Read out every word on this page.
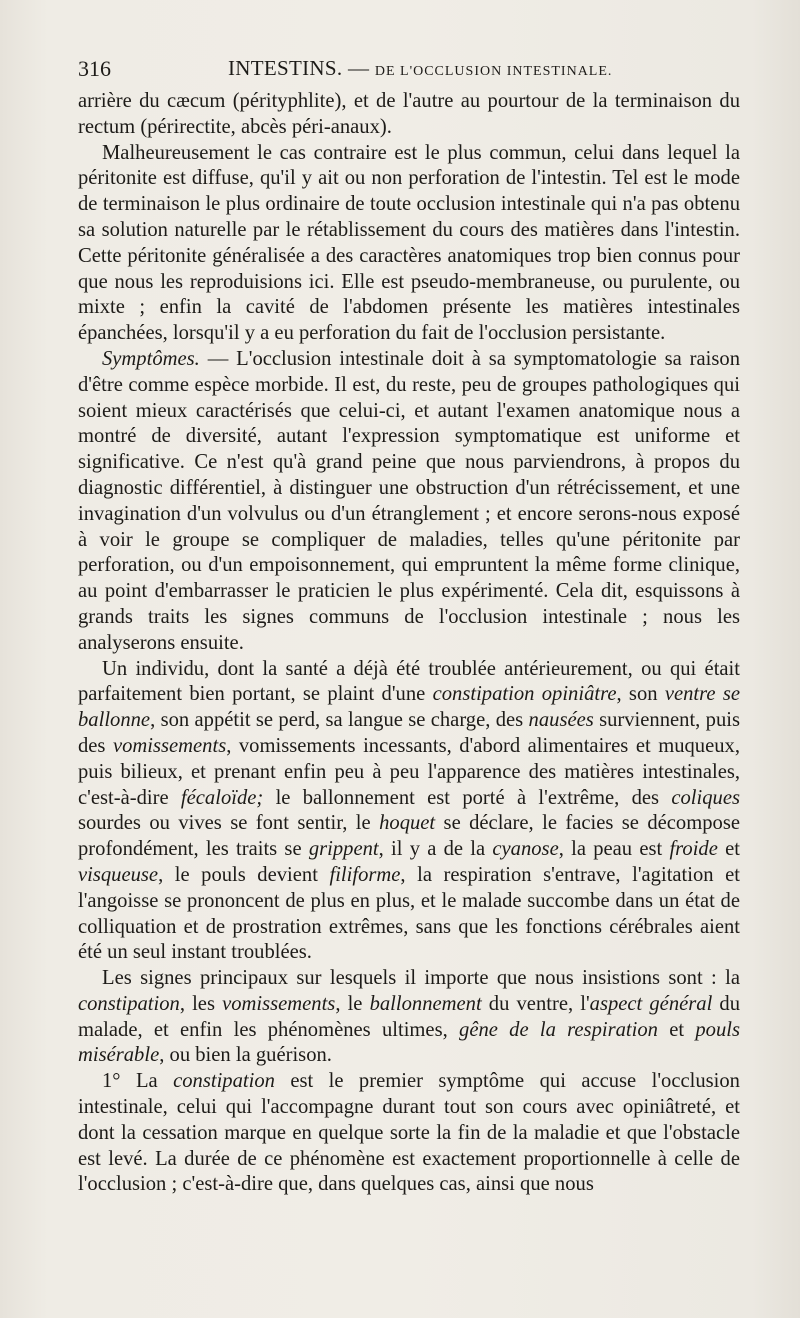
316	INTESTINS. — DE L'OCCLUSION INTESTINALE.

arrière du cæcum (pérityphlite), et de l'autre au pourtour de la terminaison du rectum (périrectite, abcès péri-anaux).

Malheureusement le cas contraire est le plus commun, celui dans lequel la péritonite est diffuse, qu'il y ait ou non perforation de l'intestin. Tel est le mode de terminaison le plus ordinaire de toute occlusion intestinale qui n'a pas obtenu sa solution naturelle par le rétablissement du cours des matières dans l'intestin. Cette péritonite généralisée a des caractères anatomiques trop bien connus pour que nous les reproduisions ici. Elle est pseudo-membraneuse, ou purulente, ou mixte ; enfin la cavité de l'abdomen présente les matières intestinales épanchées, lorsqu'il y a eu perforation du fait de l'occlusion persistante.

Symptômes. — L'occlusion intestinale doit à sa symptomatologie sa raison d'être comme espèce morbide. Il est, du reste, peu de groupes pathologiques qui soient mieux caractérisés que celui-ci, et autant l'examen anatomique nous a montré de diversité, autant l'expression symptomatique est uniforme et significative. Ce n'est qu'à grand peine que nous parviendrons, à propos du diagnostic différentiel, à distinguer une obstruction d'un rétrécissement, et une invagination d'un volvulus ou d'un étranglement ; et encore serons-nous exposé à voir le groupe se compliquer de maladies, telles qu'une péritonite par perforation, ou d'un empoisonnement, qui empruntent la même forme clinique, au point d'embarrasser le praticien le plus expérimenté. Cela dit, esquissons à grands traits les signes communs de l'occlusion intestinale ; nous les analyserons ensuite.

Un individu, dont la santé a déjà été troublée antérieurement, ou qui était parfaitement bien portant, se plaint d'une constipation opiniâtre, son ventre se ballonne, son appétit se perd, sa langue se charge, des nausées surviennent, puis des vomissements, vomissements incessants, d'abord alimentaires et muqueux, puis bilieux, et prenant enfin peu à peu l'apparence des matières intestinales, c'est-à-dire fécaloïde; le ballonnement est porté à l'extrême, des coliques sourdes ou vives se font sentir, le hoquet se déclare, le facies se décompose profondément, les traits se grippent, il y a de la cyanose, la peau est froide et visqueuse, le pouls devient filiforme, la respiration s'entrave, l'agitation et l'angoisse se prononcent de plus en plus, et le malade succombe dans un état de colliquation et de prostration extrêmes, sans que les fonctions cérébrales aient été un seul instant troublées.

Les signes principaux sur lesquels il importe que nous insistions sont : la constipation, les vomissements, le ballonnement du ventre, l'aspect général du malade, et enfin les phénomènes ultimes, gêne de la respiration et pouls misérable, ou bien la guérison.

1° La constipation est le premier symptôme qui accuse l'occlusion intestinale, celui qui l'accompagne durant tout son cours avec opiniâtreté, et dont la cessation marque en quelque sorte la fin de la maladie et que l'obstacle est levé. La durée de ce phénomène est exactement proportionnelle à celle de l'occlusion ; c'est-à-dire que, dans quelques cas, ainsi que nous
